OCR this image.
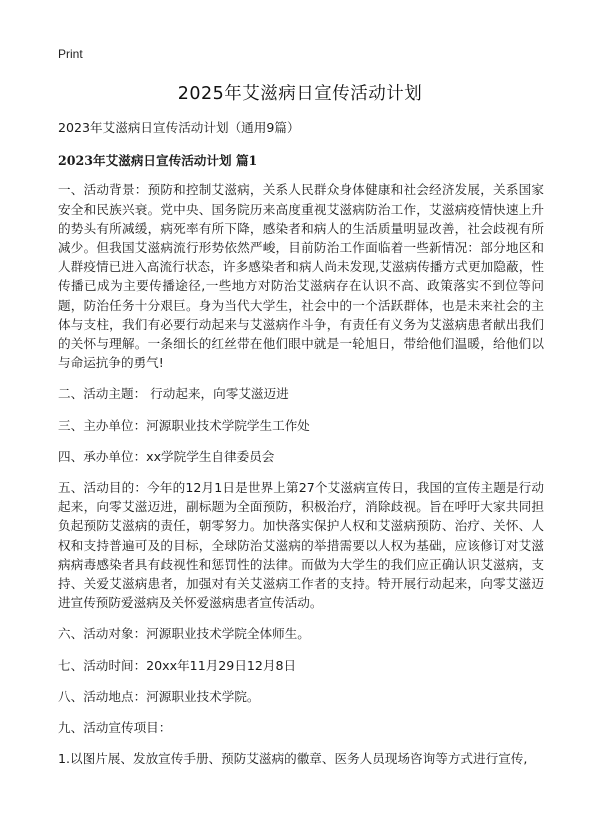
Print
2025年艾滋病日宣传活动计划

2023年艾滋病日宣传活动计划（通用9篇）

2023年艾滋病日宣传活动计划 篇1

一、活动背景：预防和控制艾滋病，关系人民群众身体健康和社会经济发展，关系国家安全和民族兴衰。党中央、国务院历来高度重视艾滋病防治工作，艾滋病疫情快速上升的势头有所减缓，病死率有所下降，感染者和病人的生活质量明显改善，社会歧视有所减少。但我国艾滋病流行形势依然严峻，目前防治工作面临着一些新情况：部分地区和人群疫情已进入高流行状态，许多感染者和病人尚未发现,艾滋病传播方式更加隐蔽，性传播已成为主要传播途径,一些地方对防治艾滋病存在认识不高、政策落实不到位等问题，防治任务十分艰巨。身为当代大学生，社会中的一个活跃群体，也是未来社会的主体与支柱，我们有必要行动起来与艾滋病作斗争，有责任有义务为艾滋病患者献出我们的关怀与理解。一条细长的红丝带在他们眼中就是一轮旭日，带给他们温暖，给他们以与命运抗争的勇气!

二、活动主题： 行动起来，向零艾滋迈进

三、主办单位：河源职业技术学院学生工作处

四、承办单位：xx学院学生自律委员会

五、活动目的：今年的12月1日是世界上第27个艾滋病宣传日，我国的宣传主题是行动起来，向零艾滋迈进，副标题为全面预防，积极治疗，消除歧视。旨在呼吁大家共同担负起预防艾滋病的责任，朝零努力。加快落实保护人权和艾滋病预防、治疗、关怀、人权和支持普遍可及的目标，全球防治艾滋病的举措需要以人权为基础，应该修订对艾滋病病毒感染者具有歧视性和惩罚性的法律。而做为大学生的我们应正确认识艾滋病，支持、关爱艾滋病患者，加强对有关艾滋病工作者的支持。特开展行动起来，向零艾滋迈进宣传预防爱滋病及关怀爱滋病患者宣传活动。

六、活动对象：河源职业技术学院全体师生。

七、活动时间：20xx年11月29日12月8日

八、活动地点：河源职业技术学院。

九、活动宣传项目：

1.以图片展、发放宣传手册、预防艾滋病的徽章、医务人员现场咨询等方式进行宣传,
